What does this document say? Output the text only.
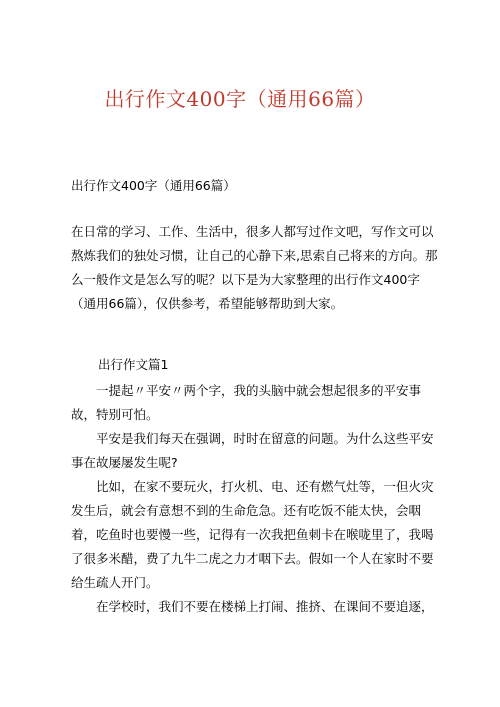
出行作文400字（通用66篇）
出行作文400字（通用66篇）

在日常的学习、工作、生活中，很多人都写过作文吧，写作文可以熬炼我们的独处习惯，让自己的心静下来,思索自己将来的方向。那么一般作文是怎么写的呢？以下是为大家整理的出行作文400字（通用66篇），仅供参考，希望能够帮助到大家。

出行作文篇1

一提起〃平安〃两个字，我的头脑中就会想起很多的平安事故，特别可怕。

平安是我们每天在强调，时时在留意的问题。为什么这些平安事在故屡屡发生呢?

比如，在家不要玩火，打火机、电、还有燃气灶等，一但火灾发生后，就会有意想不到的生命危急。还有吃饭不能太快，会咽着，吃鱼时也要慢一些，记得有一次我把鱼刺卡在喉咙里了，我喝了很多米醋，费了九牛二虎之力才咽下去。假如一个人在家时不要给生疏人开门。

在学校时，我们不要在楼梯上打闹、推挤、在课间不要追逐，
